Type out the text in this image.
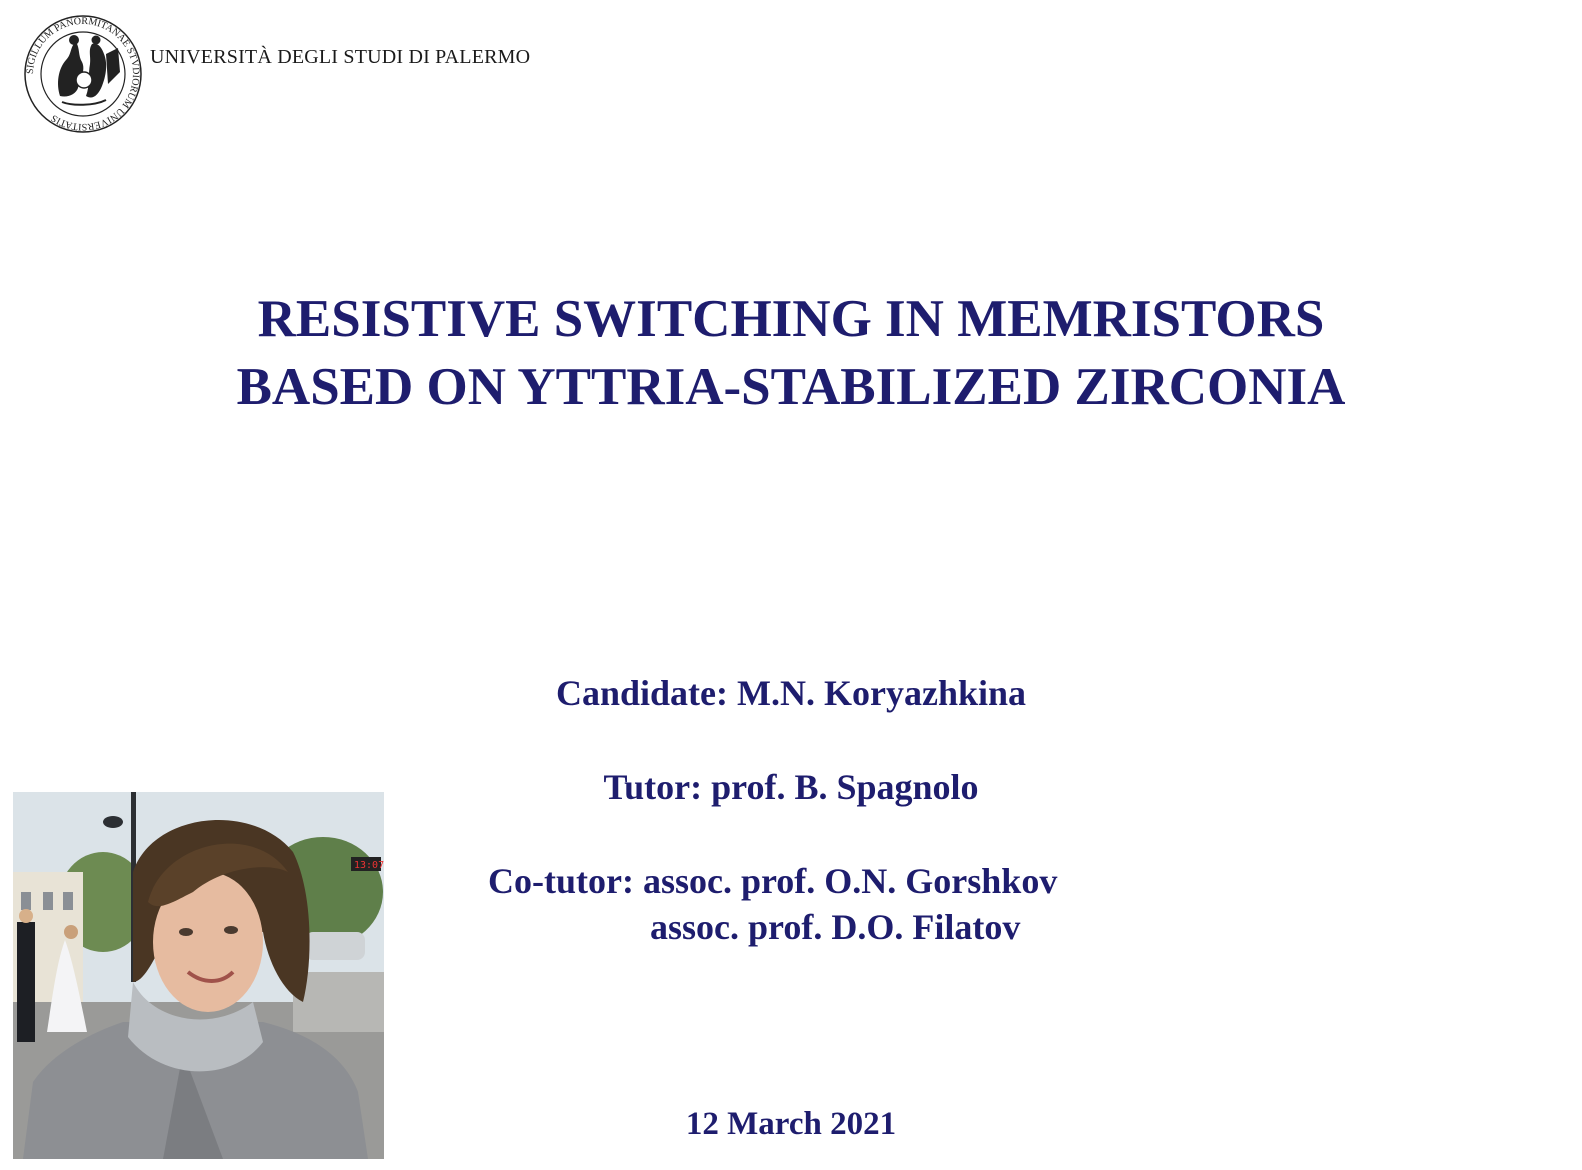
SIGILLUM PANORMITANAE STVDIORUM UNIVERSITATIS
UNIVERSITÀ DEGLI STUDI DI PALERMO
RESISTIVE SWITCHING IN MEMRISTORS
BASED ON YTTRIA-STABILIZED ZIRCONIA
Candidate: M.N. Koryazhkina
Tutor: prof. B. Spagnolo
Co-tutor: assoc. prof. O.N. Gorshkov
assoc. prof. D.O. Filatov
12 March 2021
13:07
